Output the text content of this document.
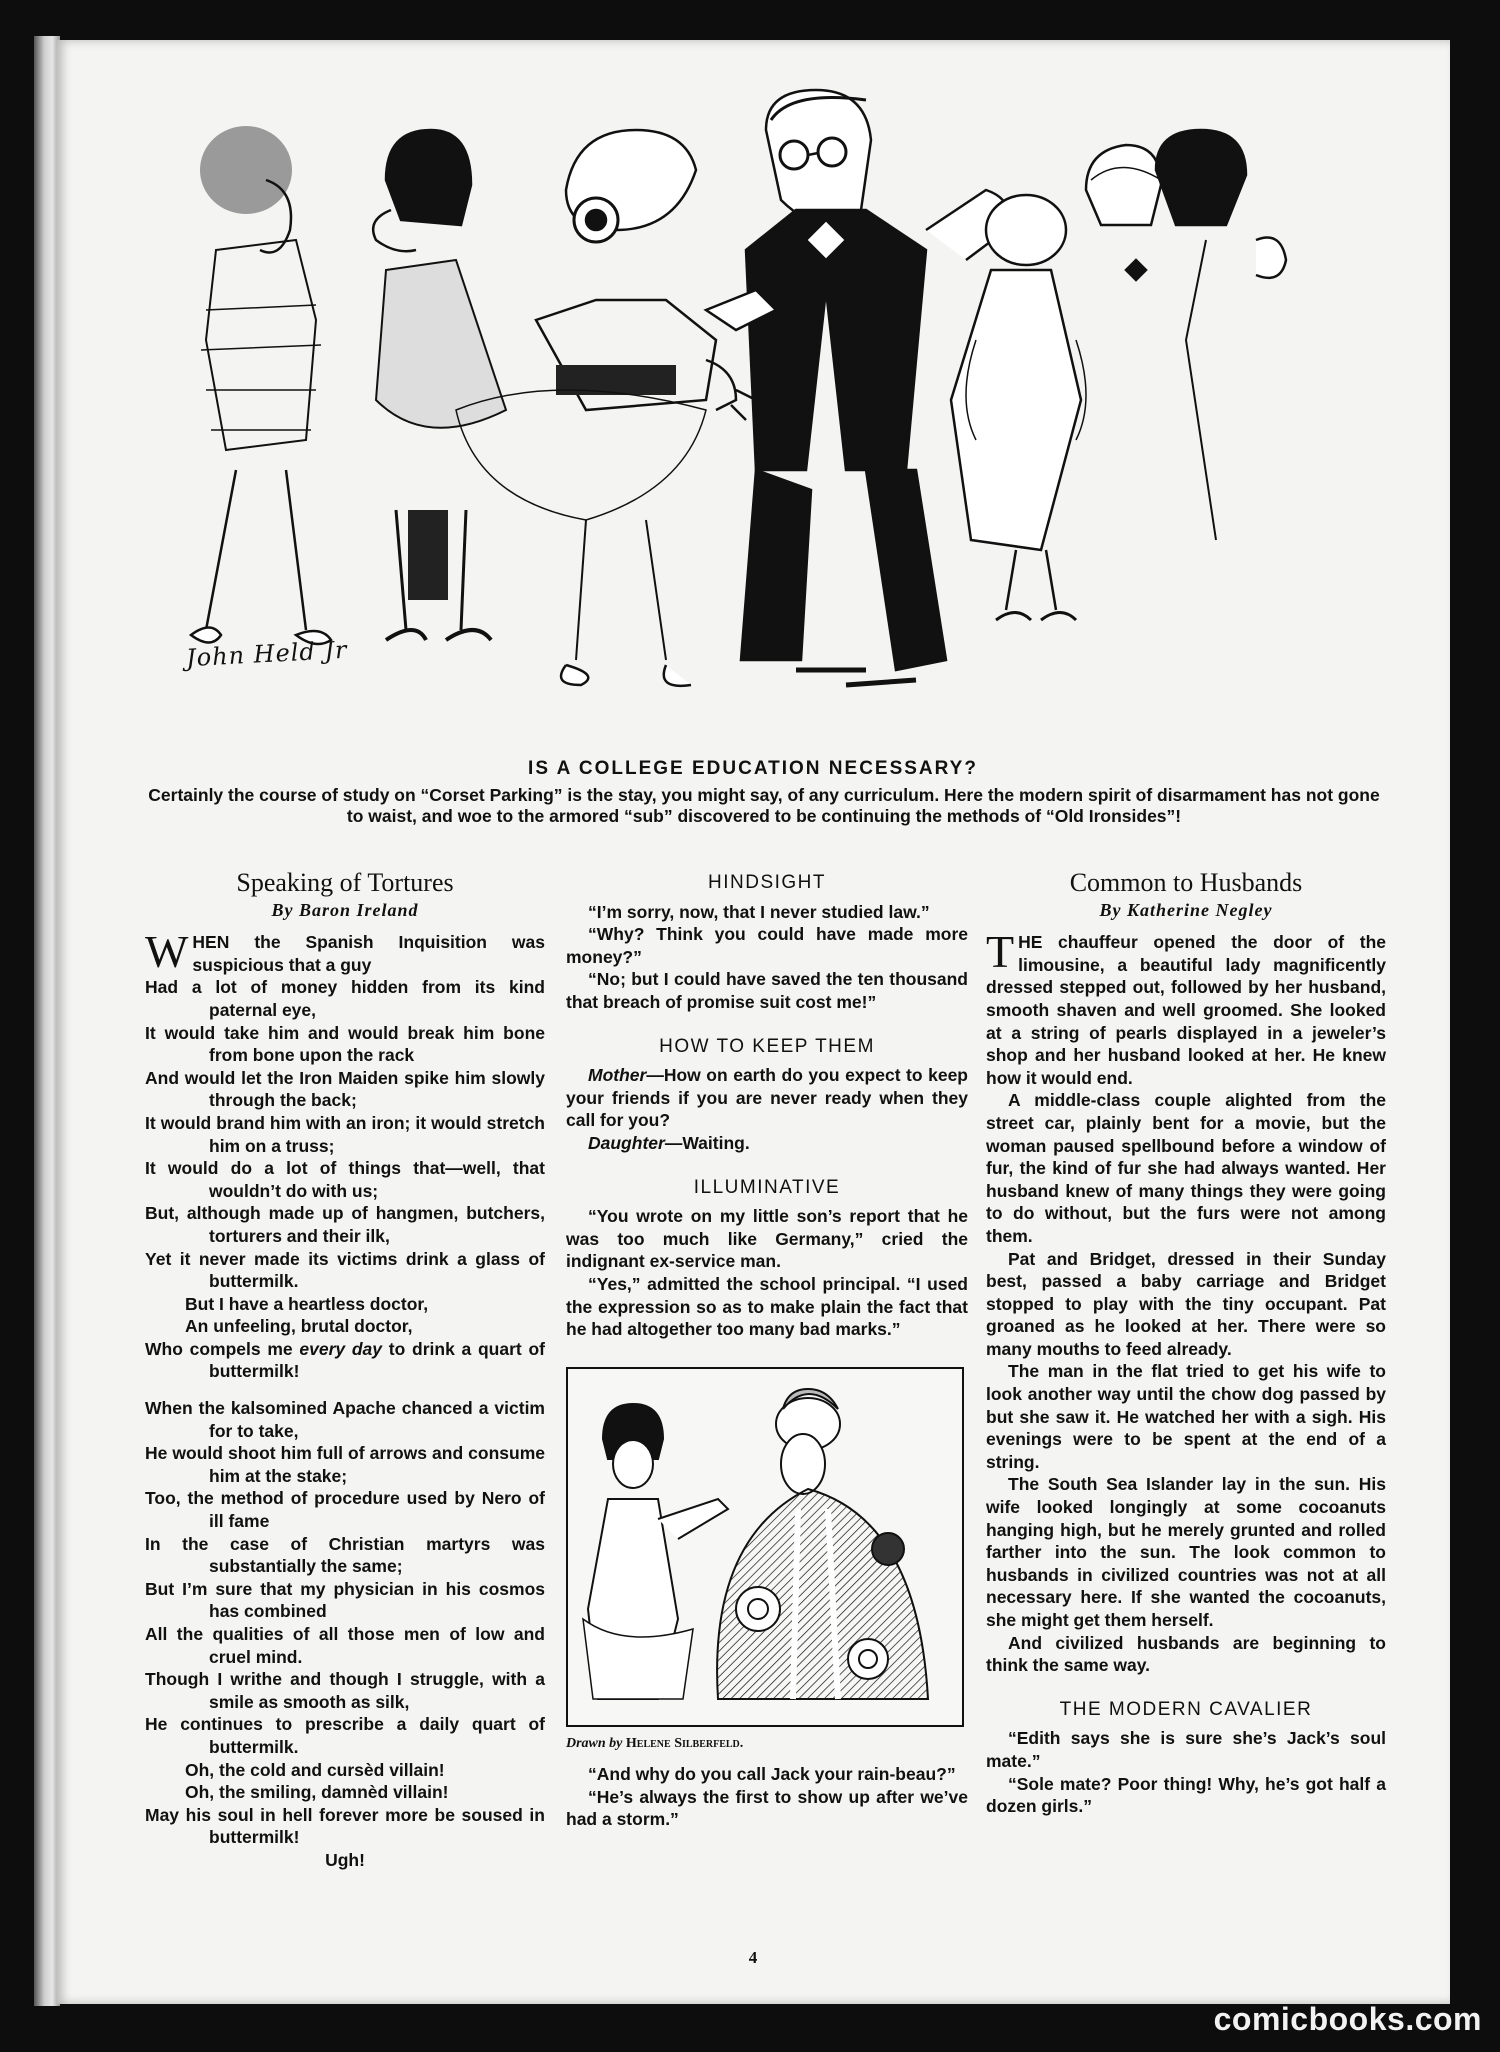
John Held Jr
IS A COLLEGE EDUCATION NECESSARY?
Certainly the course of study on “Corset Parking” is the stay, you might say, of any curriculum. Here the modern spirit of disarmament has not gone to waist, and woe to the armored “sub” discovered to be continuing the methods of “Old Ironsides”!
Speaking of Tortures
By Baron Ireland

WHEN the Spanish Inquisition was suspicious that a guy

Had a lot of money hidden from its kind paternal eye,

It would take him and would break him bone from bone upon the rack

And would let the Iron Maiden spike him slowly through the back;

It would brand him with an iron; it would stretch him on a truss;

It would do a lot of things that—well, that wouldn’t do with us;

But, although made up of hangmen, butchers, torturers and their ilk,

Yet it never made its victims drink a glass of buttermilk.

But I have a heartless doctor,

An unfeeling, brutal doctor,

Who compels me every day to drink a quart of buttermilk!

When the kalsomined Apache chanced a victim for to take,

He would shoot him full of arrows and consume him at the stake;

Too, the method of procedure used by Nero of ill fame

In the case of Christian martyrs was substantially the same;

But I’m sure that my physician in his cosmos has combined

All the qualities of all those men of low and cruel mind.

Though I writhe and though I struggle, with a smile as smooth as silk,

He continues to prescribe a daily quart of buttermilk.

Oh, the cold and cursèd villain!

Oh, the smiling, damnèd villain!

May his soul in hell forever more be soused in buttermilk!

Ugh!

HINDSIGHT

“I’m sorry, now, that I never studied law.”

“Why? Think you could have made more money?”

“No; but I could have saved the ten thousand that breach of promise suit cost me!”

HOW TO KEEP THEM

Mother—How on earth do you expect to keep your friends if you are never ready when they call for you?

Daughter—Waiting.

ILLUMINATIVE

“You wrote on my little son’s report that he was too much like Germany,” cried the indignant ex-service man.

“Yes,” admitted the school principal. “I used the expression so as to make plain the fact that he had altogether too many bad marks.”

Drawn by Helene Silberfeld.

“And why do you call Jack your rain-beau?”

“He’s always the first to show up after we’ve had a storm.”

Common to Husbands
By Katherine Negley

THE chauffeur opened the door of the limousine, a beautiful lady magnificently dressed stepped out, followed by her husband, smooth shaven and well groomed. She looked at a string of pearls displayed in a jeweler’s shop and her husband looked at her. He knew how it would end.

A middle-class couple alighted from the street car, plainly bent for a movie, but the woman paused spellbound before a window of fur, the kind of fur she had always wanted. Her husband knew of many things they were going to do without, but the furs were not among them.

Pat and Bridget, dressed in their Sunday best, passed a baby carriage and Bridget stopped to play with the tiny occupant. Pat groaned as he looked at her. There were so many mouths to feed already.

The man in the flat tried to get his wife to look another way until the chow dog passed by but she saw it. He watched her with a sigh. His evenings were to be spent at the end of a string.

The South Sea Islander lay in the sun. His wife looked longingly at some cocoanuts hanging high, but he merely grunted and rolled farther into the sun. The look common to husbands in civilized countries was not at all necessary here. If she wanted the cocoanuts, she might get them herself.

And civilized husbands are beginning to think the same way.

THE MODERN CAVALIER

“Edith says she is sure she’s Jack’s soul mate.”

“Sole mate? Poor thing! Why, he’s got half a dozen girls.”

4
comicbooks.com
